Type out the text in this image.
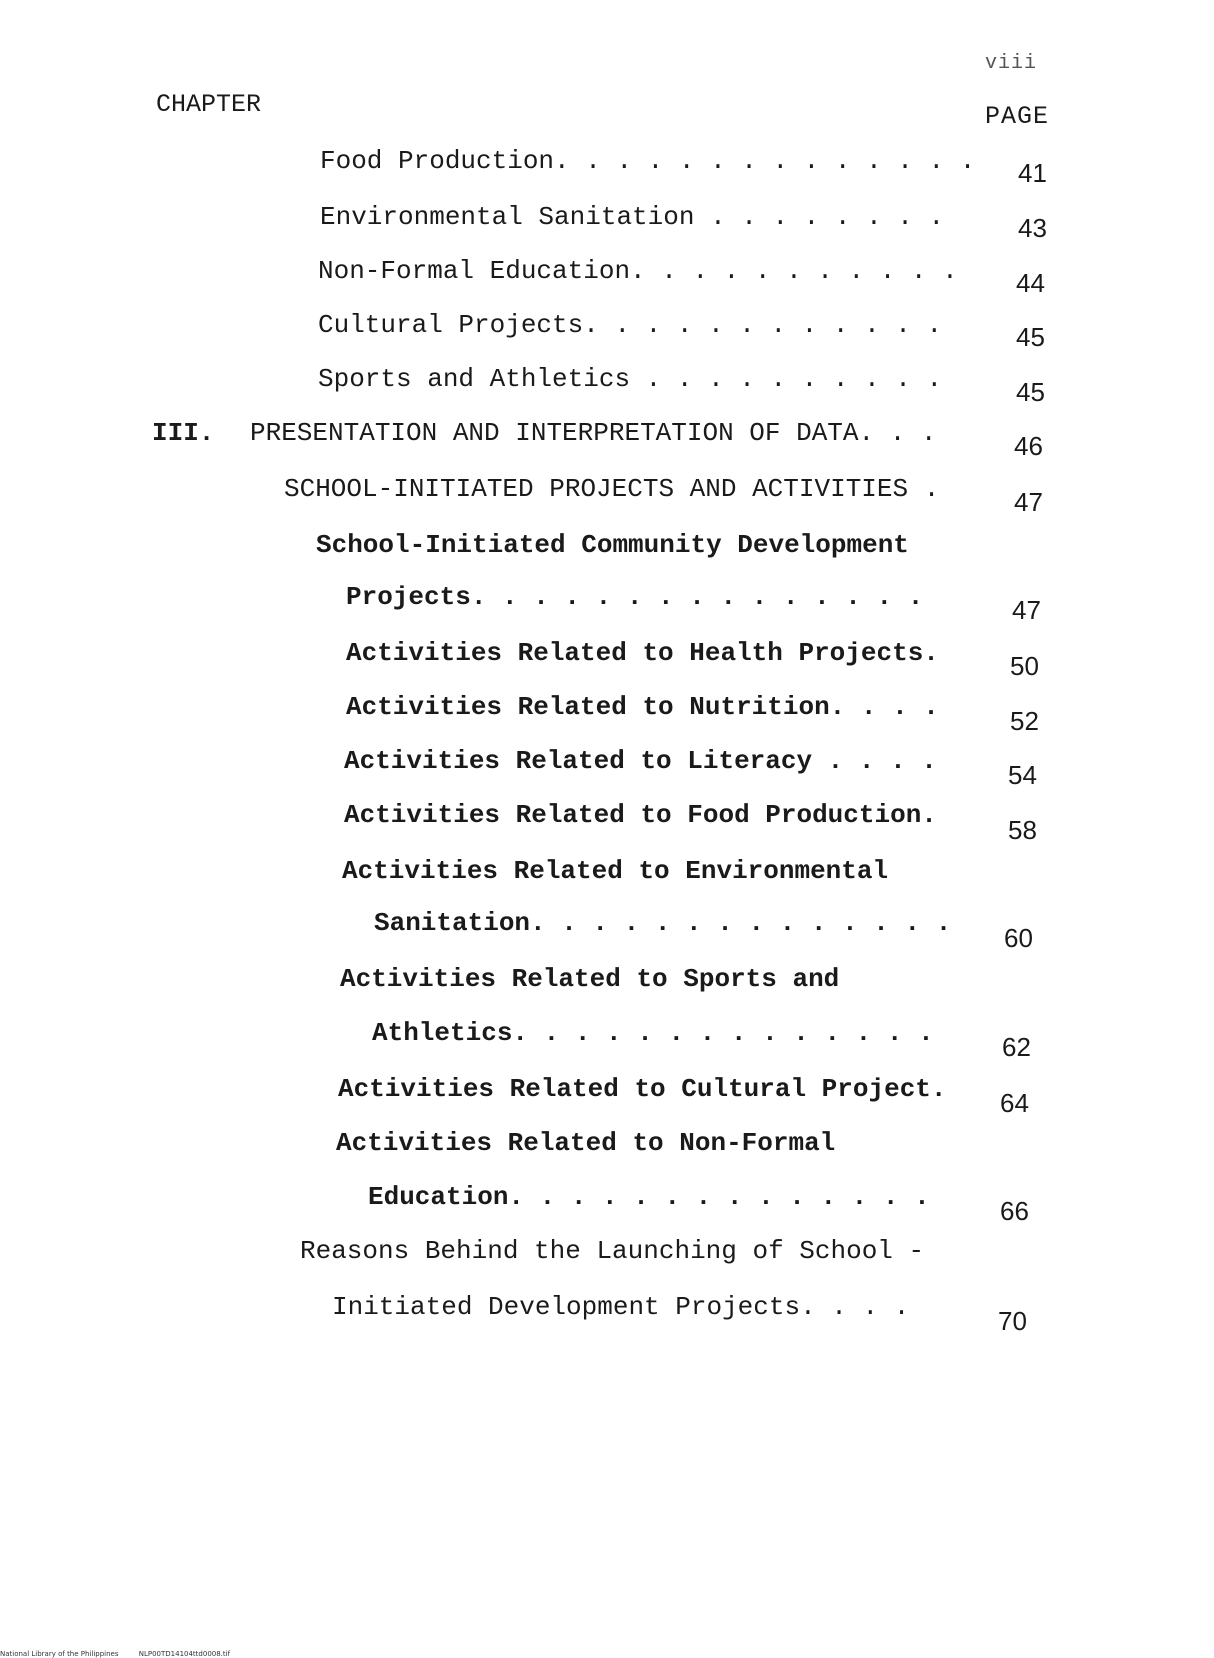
viii
CHAPTER	PAGE
Food Production. . . . . . . . . . . . . . 41
Environmental Sanitation . . . . . . . .	43
Non-Formal Education. . . . . . . . . . . 44
Cultural Projects. . . . . . . . . . . .	45
Sports and Athletics . . . . . . . . . .	45
III. PRESENTATION AND INTERPRETATION OF DATA. . .	46
SCHOOL-INITIATED PROJECTS AND ACTIVITIES .	47
School-Initiated Community Development
Projects. . . . . . . . . . . . . . .	47
Activities Related to Health Projects.	50
Activities Related to Nutrition. . . .	52
Activities Related to Literacy . . . .	54
Activities Related to Food Production.	58
Activities Related to Environmental
Sanitation. . . . . . . . . . . . . . 60
Activities Related to Sports and
Athletics. . . . . . . . . . . . . .	62
Activities Related to Cultural Project. 64
Activities Related to Non-Formal
Education. . . . . . . . . . . . . .	66
Reasons Behind the Launching of School -
Initiated Development Projects. . . .	70
National Library of the Philippines	NLP00TD14104ttd0008.tif
